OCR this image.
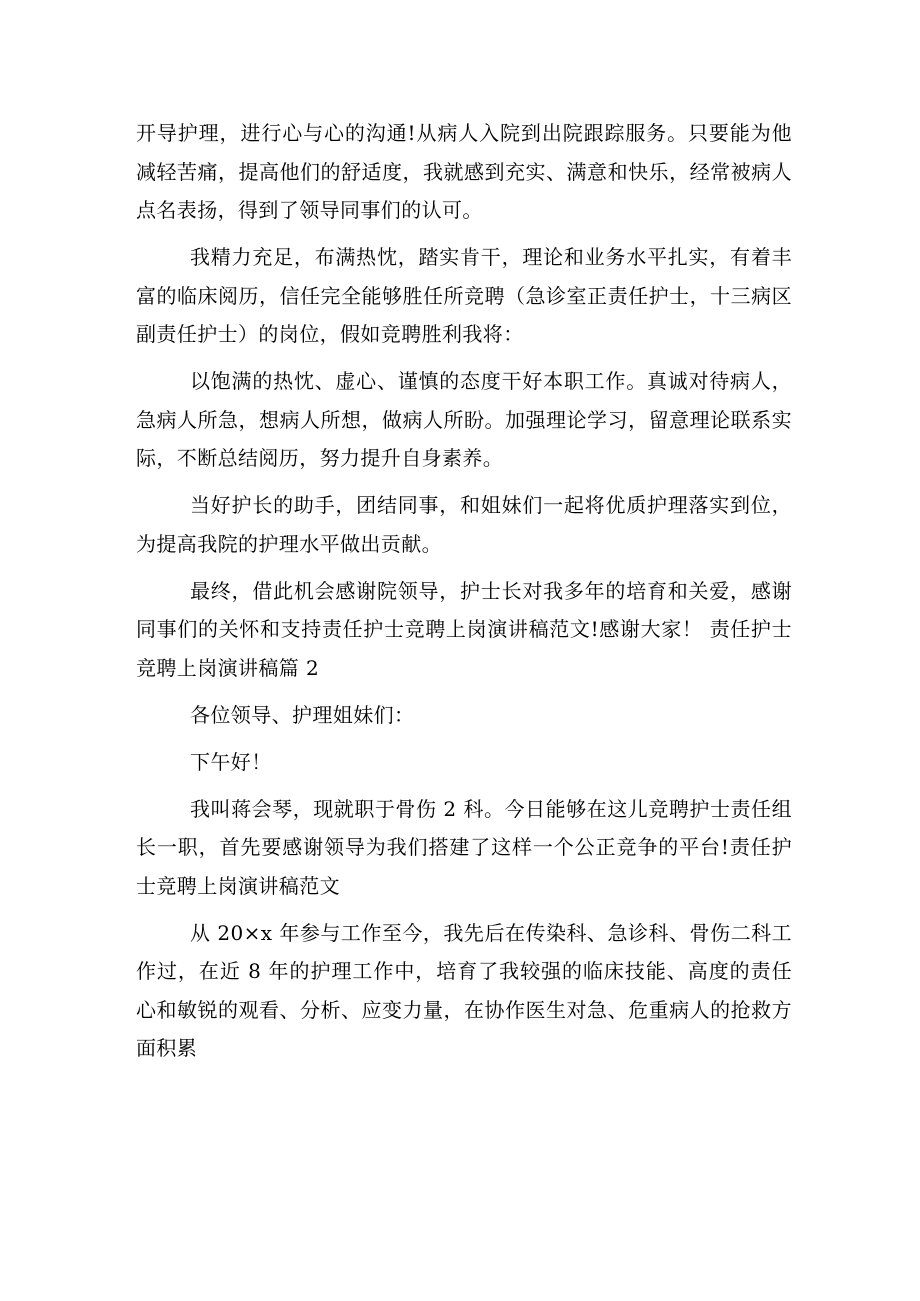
开导护理，进行心与心的沟通!从病人入院到出院跟踪服务。只要能为他减轻苦痛，提高他们的舒适度，我就感到充实、满意和快乐，经常被病人点名表扬，得到了领导同事们的认可。

我精力充足，布满热忱，踏实肯干，理论和业务水平扎实，有着丰富的临床阅历，信任完全能够胜任所竞聘（急诊室正责任护士，十三病区副责任护士）的岗位，假如竞聘胜利我将：

以饱满的热忱、虚心、谨慎的态度干好本职工作。真诚对待病人，急病人所急，想病人所想，做病人所盼。加强理论学习，留意理论联系实际，不断总结阅历，努力提升自身素养。

当好护长的助手，团结同事，和姐妹们一起将优质护理落实到位，为提高我院的护理水平做出贡献。

最终，借此机会感谢院领导，护士长对我多年的培育和关爱，感谢同事们的关怀和支持责任护士竞聘上岗演讲稿范文!感谢大家！ 责任护士竞聘上岗演讲稿篇 2

各位领导、护理姐妹们：

下午好！

我叫蒋会琴，现就职于骨伤 2 科。今日能够在这儿竞聘护士责任组长一职，首先要感谢领导为我们搭建了这样一个公正竞争的平台!责任护士竞聘上岗演讲稿范文

从 20×x 年参与工作至今，我先后在传染科、急诊科、骨伤二科工作过，在近 8 年的护理工作中，培育了我较强的临床技能、高度的责任心和敏锐的观看、分析、应变力量，在协作医生对急、危重病人的抢救方面积累
